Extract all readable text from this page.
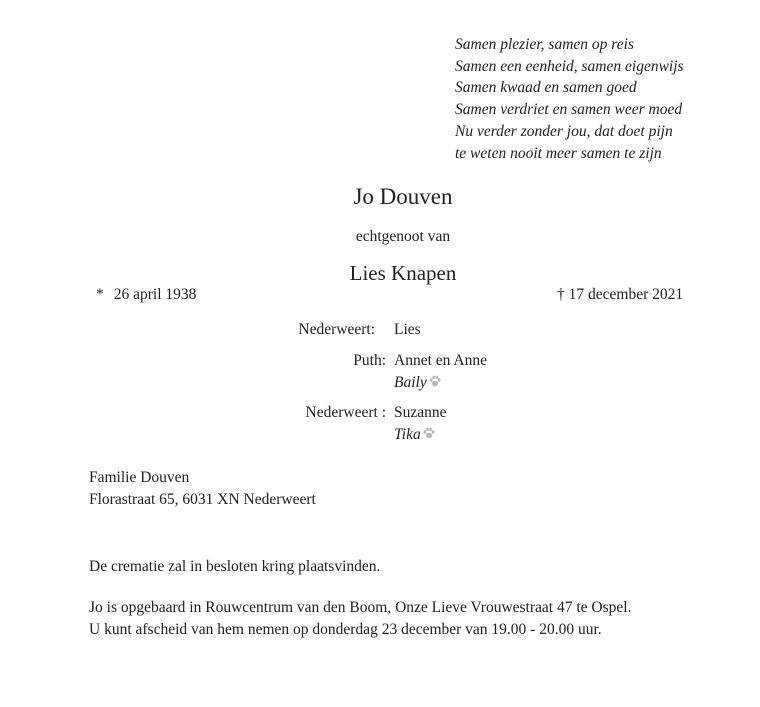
Samen plezier, samen op reis
Samen een eenheid, samen eigenwijs
Samen kwaad en samen goed
Samen verdriet en samen weer moed
Nu verder zonder jou, dat doet pijn
te weten nooit meer samen te zijn
Jo Douven
echtgenoot van
Lies Knapen
* 26 april 1938	† 17 december 2021
Nederweert: Lies
Puth: Annet en Anne
Baily
Nederweert : Suzanne
Tika
Familie Douven
Florastraat 65, 6031 XN Nederweert
De crematie zal in besloten kring plaatsvinden.
Jo is opgebaard in Rouwcentrum van den Boom, Onze Lieve Vrouwestraat 47 te Ospel.
U kunt afscheid van hem nemen op donderdag 23 december van 19.00 - 20.00 uur.
